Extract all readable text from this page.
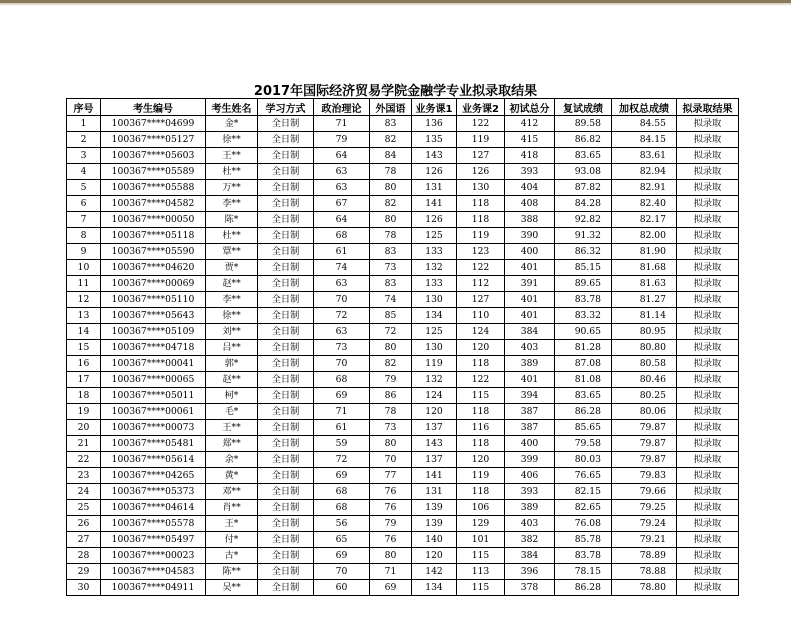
2017年国际经济贸易学院金融学专业拟录取结果
序号	考生编号	考生姓名	学习方式	政治理论	外国语	业务课1	业务课2	初试总分	复试成绩	加权总成绩	拟录取结果
1	100367****04699	金*	全日制	71	83	136	122	412	89.58	84.55	拟录取
2	100367****05127	徐**	全日制	79	82	135	119	415	86.82	84.15	拟录取
3	100367****05603	王**	全日制	64	84	143	127	418	83.65	83.61	拟录取
4	100367****05589	杜**	全日制	63	78	126	126	393	93.08	82.94	拟录取
5	100367****05588	万**	全日制	63	80	131	130	404	87.82	82.91	拟录取
6	100367****04582	李**	全日制	67	82	141	118	408	84.28	82.40	拟录取
7	100367****00050	陈*	全日制	64	80	126	118	388	92.82	82.17	拟录取
8	100367****05118	杜**	全日制	68	78	125	119	390	91.32	82.00	拟录取
9	100367****05590	覃**	全日制	61	83	133	123	400	86.32	81.90	拟录取
10	100367****04620	贾*	全日制	74	73	132	122	401	85.15	81.68	拟录取
11	100367****00069	赵**	全日制	63	83	133	112	391	89.65	81.63	拟录取
12	100367****05110	李**	全日制	70	74	130	127	401	83.78	81.27	拟录取
13	100367****05643	徐**	全日制	72	85	134	110	401	83.32	81.14	拟录取
14	100367****05109	刘**	全日制	63	72	125	124	384	90.65	80.95	拟录取
15	100367****04718	吕**	全日制	73	80	130	120	403	81.28	80.80	拟录取
16	100367****00041	郭*	全日制	70	82	119	118	389	87.08	80.58	拟录取
17	100367****00065	赵**	全日制	68	79	132	122	401	81.08	80.46	拟录取
18	100367****05011	柯*	全日制	69	86	124	115	394	83.65	80.25	拟录取
19	100367****00061	毛*	全日制	71	78	120	118	387	86.28	80.06	拟录取
20	100367****00073	王**	全日制	61	73	137	116	387	85.65	79.87	拟录取
21	100367****05481	郑**	全日制	59	80	143	118	400	79.58	79.87	拟录取
22	100367****05614	余*	全日制	72	70	137	120	399	80.03	79.87	拟录取
23	100367****04265	黄*	全日制	69	77	141	119	406	76.65	79.83	拟录取
24	100367****05373	邓**	全日制	68	76	131	118	393	82.15	79.66	拟录取
25	100367****04614	肖**	全日制	68	76	139	106	389	82.65	79.25	拟录取
26	100367****05578	王*	全日制	56	79	139	129	403	76.08	79.24	拟录取
27	100367****05497	付*	全日制	65	76	140	101	382	85.78	79.21	拟录取
28	100367****00023	古*	全日制	69	80	120	115	384	83.78	78.89	拟录取
29	100367****04583	陈**	全日制	70	71	142	113	396	78.15	78.88	拟录取
30	100367****04911	吴**	全日制	60	69	134	115	378	86.28	78.80	拟录取
